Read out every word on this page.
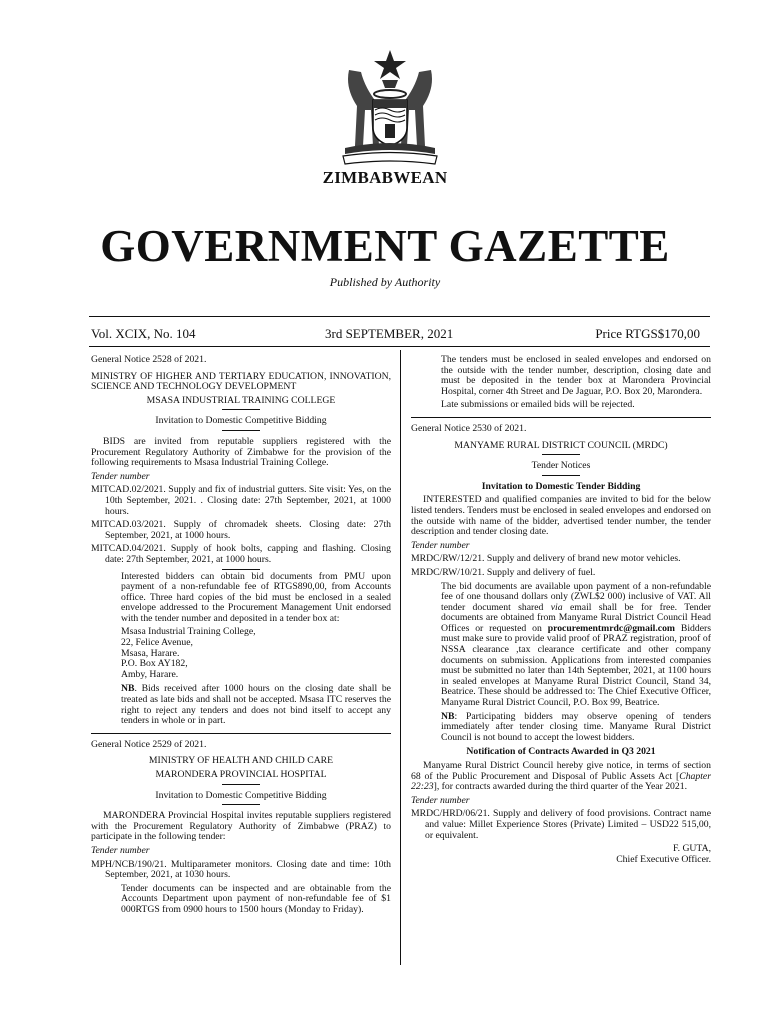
ZIMBABWEAN
GOVERNMENT GAZETTE
Published by Authority
Vol. XCIX, No. 104	3rd SEPTEMBER, 2021	Price RTGS$170,00

General Notice 2528 of 2021.

MINISTRY OF HIGHER AND TERTIARY EDUCATION, INNOVATION, SCIENCE AND TECHNOLOGY DEVELOPMENT

MSASA INDUSTRIAL TRAINING COLLEGE

Invitation to Domestic Competitive Bidding

BIDS are invited from reputable suppliers registered with the Procurement Regulatory Authority of Zimbabwe for the provision of the following requirements to Msasa Industrial Training College.

Tender number

MITCAD.02/2021. Supply and fix of industrial gutters. Site visit: Yes, on the 10th September, 2021. . Closing date: 27th September, 2021, at 1000 hours.

MITCAD.03/2021. Supply of chromadek sheets. Closing date: 27th September, 2021, at 1000 hours.

MITCAD.04/2021. Supply of hook bolts, capping and flashing. Closing date: 27th September, 2021, at 1000 hours.

Interested bidders can obtain bid documents from PMU upon payment of a non-refundable fee of RTGS890,00, from Accounts office. Three hard copies of the bid must be enclosed in a sealed envelope addressed to the Procurement Management Unit endorsed with the tender number and deposited in a tender box at:

Msasa Industrial Training College,

22, Felice Avenue,

Msasa, Harare.

P.O. Box AY182,

Amby, Harare.

NB. Bids received after 1000 hours on the closing date shall be treated as late bids and shall not be accepted. Msasa ITC reserves the right to reject any tenders and does not bind itself to accept any tenders in whole or in part.

General Notice 2529 of 2021.

MINISTRY OF HEALTH AND CHILD CARE

MARONDERA PROVINCIAL HOSPITAL

Invitation to Domestic Competitive Bidding

MARONDERA Provincial Hospital invites reputable suppliers registered with the Procurement Regulatory Authority of Zimbabwe (PRAZ) to participate in the following tender:

Tender number

MPH/NCB/190/21. Multiparameter monitors. Closing date and time: 10th September, 2021, at 1030 hours.

Tender documents can be inspected and are obtainable from the Accounts Department upon payment of non-refundable fee of $1 000RTGS from 0900 hours to 1500 hours (Monday to Friday).

The tenders must be enclosed in sealed envelopes and endorsed on the outside with the tender number, description, closing date and must be deposited in the tender box at Marondera Provincial Hospital, corner 4th Street and De Jaguar, P.O. Box 20, Marondera.

Late submissions or emailed bids will be rejected.

General Notice 2530 of 2021.

MANYAME RURAL DISTRICT COUNCIL (MRDC)

Tender Notices

Invitation to Domestic Tender Bidding

INTERESTED and qualified companies are invited to bid for the below listed tenders. Tenders must be enclosed in sealed envelopes and endorsed on the outside with name of the bidder, advertised tender number, the tender description and tender closing date.

Tender number

MRDC/RW/12/21. Supply and delivery of brand new motor vehicles.

MRDC/RW/10/21. Supply and delivery of fuel.

The bid documents are available upon payment of a non-refundable fee of one thousand dollars only (ZWL$2 000) inclusive of VAT. All tender document shared via email shall be for free. Tender documents are obtained from Manyame Rural District Council Head Offices or requested on procurementmrdc@gmail.com Bidders must make sure to provide valid proof of PRAZ registration, proof of NSSA clearance ,tax clearance certificate and other company documents on submission. Applications from interested companies must be submitted no later than 14th September, 2021, at 1100 hours in sealed envelopes at Manyame Rural District Council, Stand 34, Beatrice. These should be addressed to: The Chief Executive Officer, Manyame Rural District Council, P.O. Box 99, Beatrice.

NB: Participating bidders may observe opening of tenders immediately after tender closing time. Manyame Rural District Council is not bound to accept the lowest bidders.

Notification of Contracts Awarded in Q3 2021

Manyame Rural District Council hereby give notice, in terms of section 68 of the Public Procurement and Disposal of Public Assets Act [Chapter 22:23], for contracts awarded during the third quarter of the Year 2021.

Tender number

MRDC/HRD/06/21. Supply and delivery of food provisions. Contract name and value: Millet Experience Stores (Private) Limited – USD22 515,00, or equivalent.

F. GUTA,

Chief Executive Officer.
